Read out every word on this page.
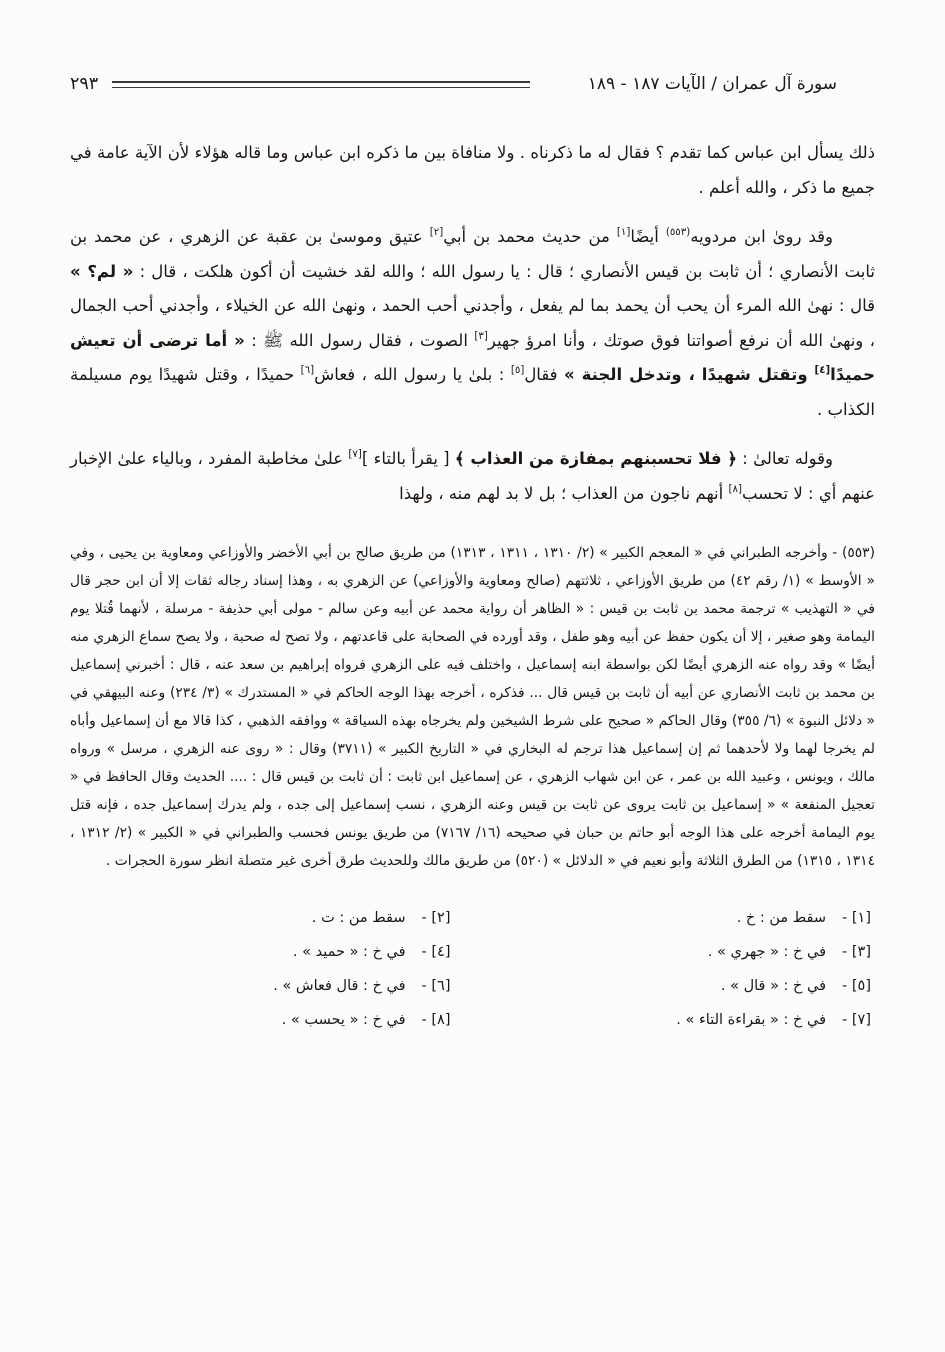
سورة آل عمران / الآيات ١٨٧ - ١٨٩
٢٩٣

ذلك يسأل ابن عباس كما تقدم ؟ فقال له ما ذكرناه . ولا منافاة بين ما ذكره ابن عباس وما قاله هؤلاء لأن الآية عامة في جميع ما ذكر ، والله أعلم .

وقد روىٰ ابن مردويه$^{(٥٥٣)}$ أيضًا[١] من حديث محمد بن أبي[٢] عتيق وموسىٰ بن عقبة عن الزهري ، عن محمد بن ثابت الأنصاري ؛ أن ثابت بن قيس الأنصاري ؛ قال : يا رسول الله ؛ والله لقد خشيت أن أكون هلكت ، قال : « لم؟ » قال : نهىٰ الله المرء أن يحب أن يحمد بما لم يفعل ، وأجدني أحب الحمد ، ونهىٰ الله عن الخيلاء ، وأجدني أحب الجمال ، ونهىٰ الله أن نرفع أصواتنا فوق صوتك ، وأنا امرؤ جهير[٣] الصوت ، فقال رسول الله ﷺ : « أما ترضى أن تعيش حميدًا[٤] وتقتل شهيدًا ، وتدخل الجنة » فقال[٥] : بلىٰ يا رسول الله ، فعاش[٦] حميدًا ، وقتل شهيدًا يوم مسيلمة الكذاب .

وقوله تعالىٰ : ﴿ فلا تحسبنهم بمفازة من العذاب ﴾ [ يقرأ بالتاء ][٧] علىٰ مخاطبة المفرد ، وبالياء علىٰ الإخبار عنهم أي : لا تحسب[٨] أنهم ناجون من العذاب ؛ بل لا بد لهم منه ، ولهذا

(٥٥٣) - وأخرجه الطبراني في « المعجم الكبير » (٢/ ١٣١٠ ، ١٣١١ ، ١٣١٣) من طريق صالح بن أبي الأخضر والأوزاعي ومعاوية بن يحيى ، وفي « الأوسط » (١/ رقم ٤٢) من طريق الأوزاعي ، ثلاثتهم (صالح ومعاوية والأوزاعي) عن الزهري به ، وهذا إسناد رجاله ثقات إلا أن ابن حجر قال في « التهذيب » ترجمة محمد بن ثابت بن قيس : « الظاهر أن رواية محمد عن أبيه وعن سالم - مولى أبي حذيفة - مرسلة ، لأنهما قُتلا يوم اليمامة وهو صغير ، إلا أن يكون حفظ عن أبيه وهو طفل ، وقد أورده في الصحابة على قاعدتهم ، ولا تصح له صحبة ، ولا يصح سماع الزهري منه أيضًا » وقد رواه عنه الزهري أيضًا لكن بواسطة ابنه إسماعيل ، واختلف فيه على الزهري فرواه إبراهيم بن سعد عنه ، قال : أخبرني إسماعيل بن محمد بن ثابت الأنصاري عن أبيه أن ثابت بن قيس قال ... فذكره ، أخرجه بهذا الوجه الحاكم في « المستدرك » (٣/ ٢٣٤) وعنه البيهقي في « دلائل النبوة » (٦/ ٣٥٥) وقال الحاكم « صحيح على شرط الشيخين ولم يخرجاه بهذه السياقة » ووافقه الذهبي ، كذا قالا مع أن إسماعيل وأباه لم يخرجا لهما ولا لأحدهما ثم إن إسماعيل هذا ترجم له البخاري في « التاريخ الكبير » (٣٧١١) وقال : « روى عنه الزهري ، مرسل » ورواه مالك ، ويونس ، وعبيد الله بن عمر ، عن ابن شهاب الزهري ، عن إسماعيل ابن ثابت : أن ثابت بن قيس قال : .... الحديث وقال الحافظ في « تعجيل المنفعة » « إسماعيل بن ثابت يروى عن ثابت بن قيس وعنه الزهري ، نسب إسماعيل إلى جده ، ولم يدرك إسماعيل جده ، فإنه قتل يوم اليمامة أخرجه على هذا الوجه أبو حاتم بن حبان في صحيحه (١٦/ ٧١٦٧) من طريق يونس فحسب والطبراني في « الكبير » (٢/ ١٣١٢ ، ١٣١٤ ، ١٣١٥) من الطرق الثلاثة وأبو نعيم في « الدلائل » (٥٢٠) من طريق مالك وللحديث طرق أخرى غير متصلة انظر سورة الحجرات .

[١] -
سقط من : خ .
[٢] -
سقط من : ت .
[٣] -
في خ : « جهري » .
[٤] -
في خ : « حميد » .
[٥] -
في خ : « قال » .
[٦] -
في خ : قال فعاش » .
[٧] -
في خ : « بقراءة التاء » .
[٨] -
في خ : « يحسب » .
